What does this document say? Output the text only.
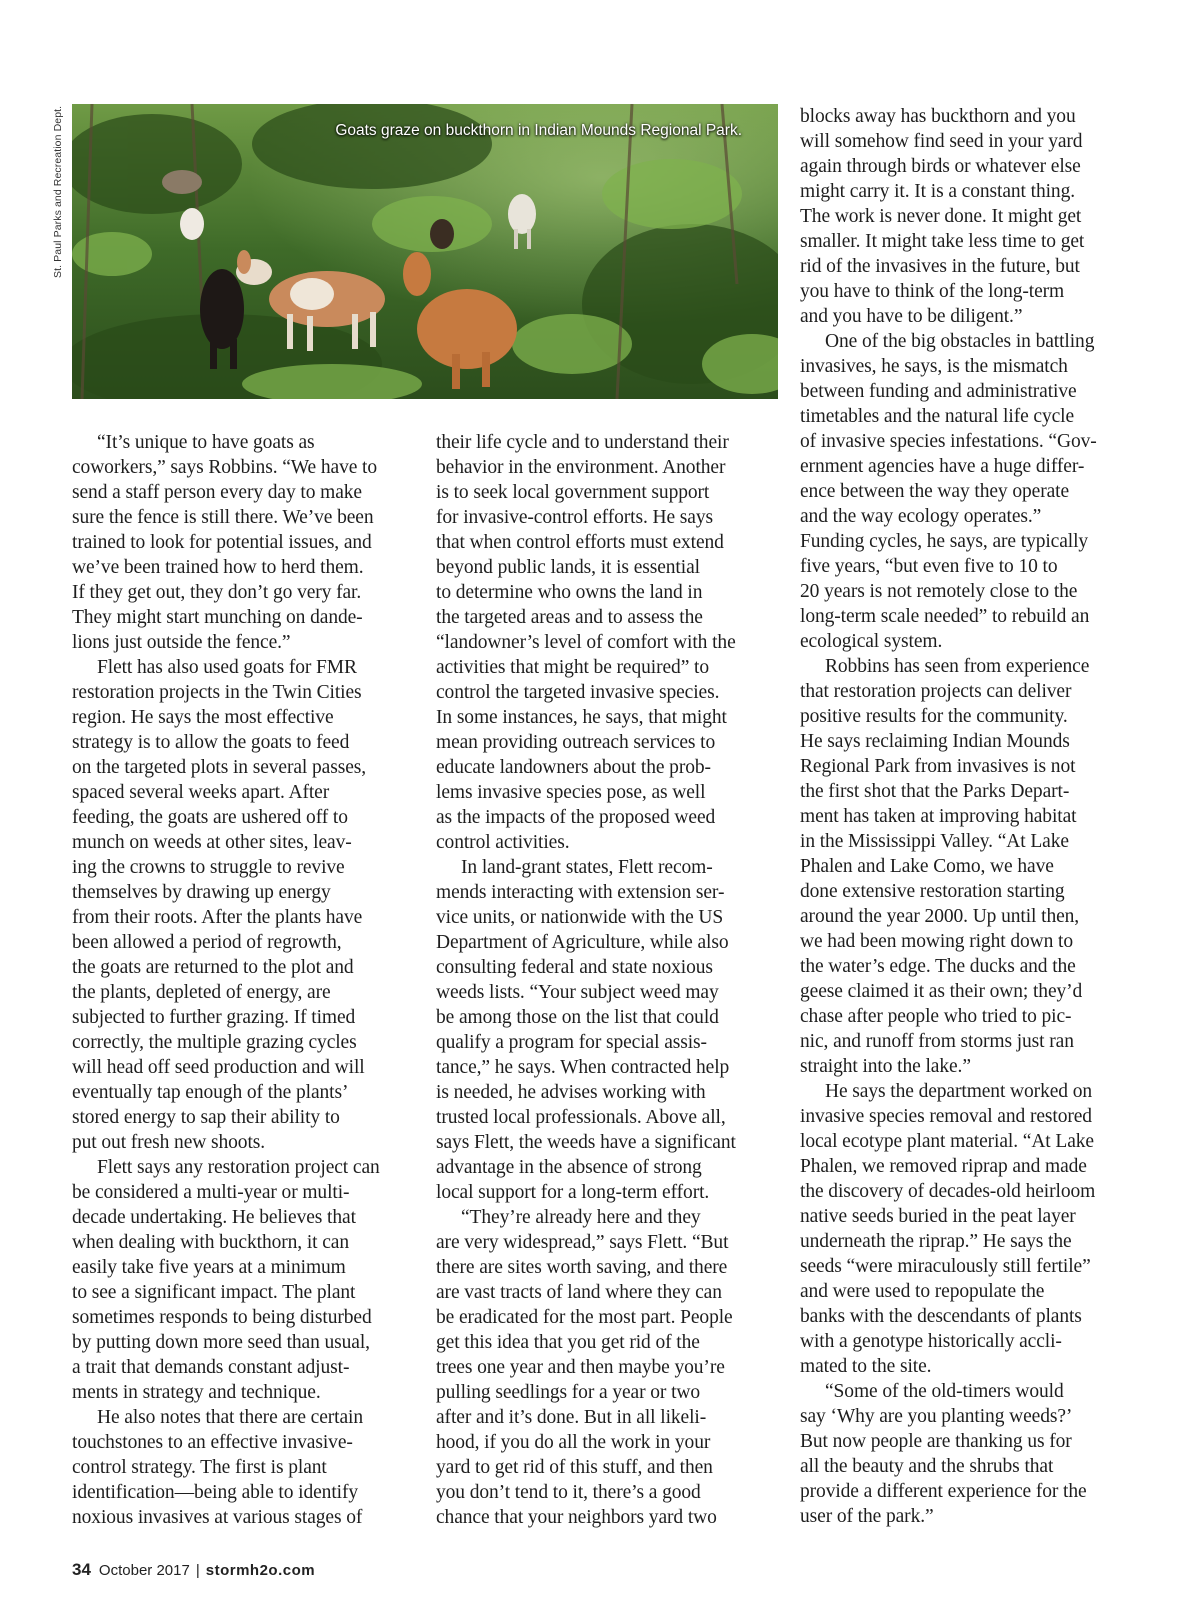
St. Paul Parks and Recreation Dept.	Goats graze on buckthorn in Indian Mounds Regional Park.

“It’s unique to have goats as

coworkers,” says Robbins. “We have to

send a staff person every day to make

sure the fence is still there. We’ve been

trained to look for potential issues, and

we’ve been trained how to herd them.

If they get out, they don’t go very far.

They might start munching on dande-

lions just outside the fence.”

Flett has also used goats for FMR

restoration projects in the Twin Cities

region. He says the most effective

strategy is to allow the goats to feed

on the targeted plots in several passes,

spaced several weeks apart. After

feeding, the goats are ushered off to

munch on weeds at other sites, leav-

ing the crowns to struggle to revive

themselves by drawing up energy

from their roots. After the plants have

been allowed a period of regrowth,

the goats are returned to the plot and

the plants, depleted of energy, are

subjected to further grazing. If timed

correctly, the multiple grazing cycles

will head off seed production and will

eventually tap enough of the plants’

stored energy to sap their ability to

put out fresh new shoots.

Flett says any restoration project can

be considered a multi-year or multi-

decade undertaking. He believes that

when dealing with buckthorn, it can

easily take five years at a minimum

to see a significant impact. The plant

sometimes responds to being disturbed

by putting down more seed than usual,

a trait that demands constant adjust-

ments in strategy and technique.

He also notes that there are certain

touchstones to an effective invasive-

control strategy. The first is plant

identification—being able to identify

noxious invasives at various stages of

their life cycle and to understand their

behavior in the environment. Another

is to seek local government support

for invasive-control efforts. He says

that when control efforts must extend

beyond public lands, it is essential

to determine who owns the land in

the targeted areas and to assess the

“landowner’s level of comfort with the

activities that might be required” to

control the targeted invasive species.

In some instances, he says, that might

mean providing outreach services to

educate landowners about the prob-

lems invasive species pose, as well

as the impacts of the proposed weed

control activities.

In land-grant states, Flett recom-

mends interacting with extension ser-

vice units, or nationwide with the US

Department of Agriculture, while also

consulting federal and state noxious

weeds lists. “Your subject weed may

be among those on the list that could

qualify a program for special assis-

tance,” he says. When contracted help

is needed, he advises working with

trusted local professionals. Above all,

says Flett, the weeds have a significant

advantage in the absence of strong

local support for a long-term effort.

“They’re already here and they

are very widespread,” says Flett. “But

there are sites worth saving, and there

are vast tracts of land where they can

be eradicated for the most part. People

get this idea that you get rid of the

trees one year and then maybe you’re

pulling seedlings for a year or two

after and it’s done. But in all likeli-

hood, if you do all the work in your

yard to get rid of this stuff, and then

you don’t tend to it, there’s a good

chance that your neighbors yard two

blocks away has buckthorn and you

will somehow find seed in your yard

again through birds or whatever else

might carry it. It is a constant thing.

The work is never done. It might get

smaller. It might take less time to get

rid of the invasives in the future, but

you have to think of the long-term

and you have to be diligent.”

One of the big obstacles in battling

invasives, he says, is the mismatch

between funding and administrative

timetables and the natural life cycle

of invasive species infestations. “Gov-

ernment agencies have a huge differ-

ence between the way they operate

and the way ecology operates.”

Funding cycles, he says, are typically

five years, “but even five to 10 to

20 years is not remotely close to the

long-term scale needed” to rebuild an

ecological system.

Robbins has seen from experience

that restoration projects can deliver

positive results for the community.

He says reclaiming Indian Mounds

Regional Park from invasives is not

the first shot that the Parks Depart-

ment has taken at improving habitat

in the Mississippi Valley. “At Lake

Phalen and Lake Como, we have

done extensive restoration starting

around the year 2000. Up until then,

we had been mowing right down to

the water’s edge. The ducks and the

geese claimed it as their own; they’d

chase after people who tried to pic-

nic, and runoff from storms just ran

straight into the lake.”

He says the department worked on

invasive species removal and restored

local ecotype plant material. “At Lake

Phalen, we removed riprap and made

the discovery of decades-old heirloom

native seeds buried in the peat layer

underneath the riprap.” He says the

seeds “were miraculously still fertile”

and were used to repopulate the

banks with the descendants of plants

with a genotype historically accli-

mated to the site.

“Some of the old-timers would

say ‘Why are you planting weeds?’

But now people are thanking us for

all the beauty and the shrubs that

provide a different experience for the

user of the park.”

34 October 2017 | stormh2o.com
